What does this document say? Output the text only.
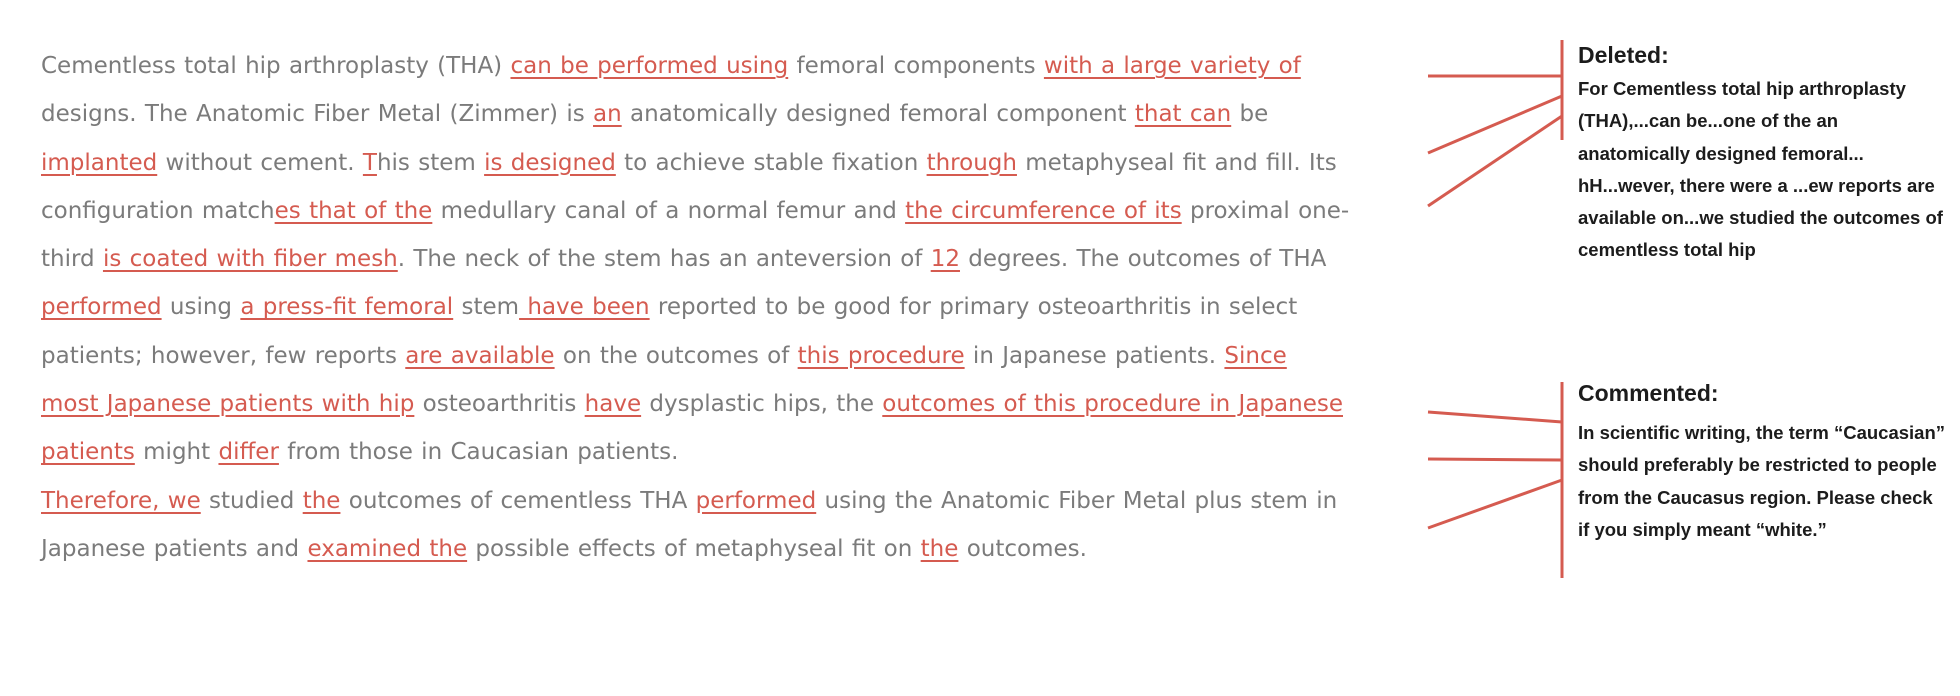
Cementless total hip arthroplasty (THA) can be performed using femoral components with a large variety of
designs. The Anatomic Fiber Metal (Zimmer) is an anatomically designed femoral component that can be
implanted without cement. This stem is designed to achieve stable fixation through metaphyseal fit and fill. Its
configuration matches that of the medullary canal of a normal femur and the circumference of its proximal one-
third is coated with fiber mesh. The neck of the stem has an anteversion of 12 degrees. The outcomes of THA
performed using a press-fit femoral stem have been reported to be good for primary osteoarthritis in select
patients; however, few reports are available on the outcomes of this procedure in Japanese patients. Since
most Japanese patients with hip osteoarthritis have dysplastic hips, the outcomes of this procedure in Japanese
patients might differ from those in Caucasian patients.
Therefore, we studied the outcomes of cementless THA performed using the Anatomic Fiber Metal plus stem in
Japanese patients and examined the possible effects of metaphyseal fit on the outcomes.
Deleted:
For Cementless total hip arthroplasty (THA),...can be...one of the an anatomically designed femoral... hH...wever, there were a ...ew reports are available on...we studied the outcomes of cementless total hip
Commented:
In scientific writing, the term “Caucasian” should preferably be restricted to people from the Caucasus region. Please check if you simply meant “white.”
